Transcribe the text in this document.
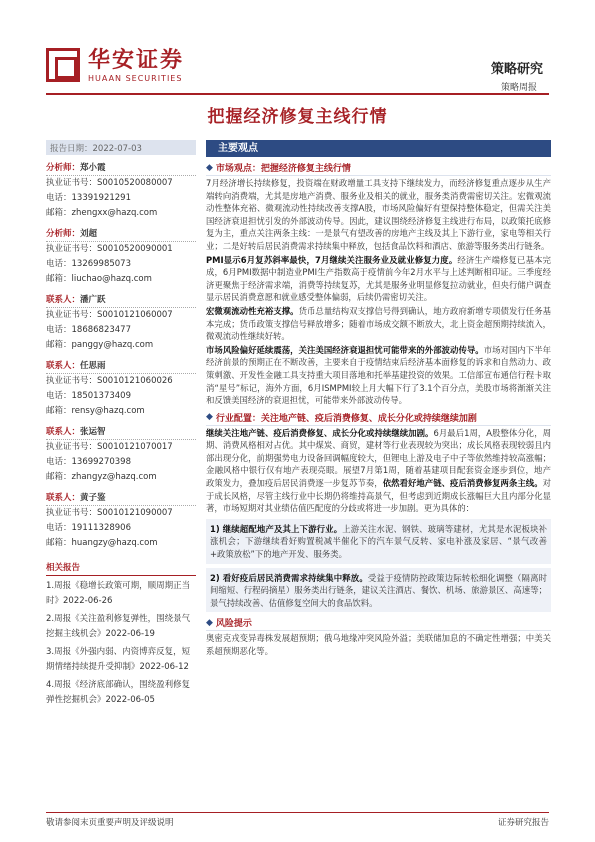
华安证券
HUAAN SECURITIES
策略研究
策略周报
把握经济修复主线行情
报告日期：2022-07-03
分析师：郑小霞
执业证书号：S0010520080007
电话：13391921291
邮箱：zhengxx@hazq.com
分析师：刘超
执业证书号：S0010520090001
电话：13269985073
邮箱：liuchao@hazq.com
联系人：潘广跃
执业证书号：S0010121060007
电话：18686823477
邮箱：panggy@hazq.com
联系人：任思雨
执业证书号：S0010121060026
电话：18501373409
邮箱：rensy@hazq.com
联系人：张运智
执业证书号：S0010121070017
电话：13699270398
邮箱：zhangyz@hazq.com
联系人：黄子鉴
执业证书号：S0010121090007
电话：19111328906
邮箱：huangzy@hazq.com
相关报告
1.周报《稳增长政策可期，顺周期正当时》2022-06-26
2.周报《关注盈利修复弹性，围绕景气挖掘主线机会》2022-06-19
3.周报《外强内弱、内资博弈反复，短期情绪持续提升受抑制》2022-06-12
4.周报《经济底部确认，围绕盈利修复弹性挖掘机会》2022-06-05
主要观点
◆ 市场观点：把握经济修复主线行情

7月经济增长持续修复，投资端在财政增量工具支持下继续发力，而经济修复重点逐步从生产端转向消费端，尤其是房地产消费、服务业及相关的就业，服务类消费需密切关注。宏微观流动性整体充裕、微观流动性持续改善支撑A股，市场风险偏好有望保持整体稳定，但需关注美国经济衰退担忧引发的外部波动传导。因此，建议围绕经济修复主线进行布局，以政策托底修复为主，重点关注两条主线：一是景气有望改善的房地产主线及其上下游行业，家电等相关行业；二是好转后居民消费需求持续集中释放，包括食品饮料和酒店、旅游等服务类出行链条。

PMI显示6月复苏斜率最快，7月继续关注服务业及就业修复力度。经济生产端修复已基本完成，6月PMI数据中制造业PMI生产指数高于疫情前今年2月水平与上述判断相印证。三季度经济更聚焦于经济需求端，消费等持续复苏，尤其是服务业明显修复拉动就业，但央行储户调查显示居民消费意愿和就业感受整体偏弱，后续仍需密切关注。

宏微观流动性充裕支撑。货币总量结构双支撑信号得到确认，地方政府新增专项债发行任务基本完成；货币政策支撑信号释放增多；随着市场成交额不断放大，北上资金超预期持续流入，微观流动性继续好转。

市场风险偏好延续震荡，关注美国经济衰退担忧可能带来的外部波动传导。市场对国内下半年经济前景的预期正在不断改善，主要来自于疫情结束后经济基本面修复的诉求和自然动力、政策刺激、开发性金融工具支持重大项目落地和托举基建投资的效果。工信部宣布通信行程卡取消“星号”标记，海外方面，6月ISMPMI较上月大幅下行了3.1个百分点，美股市场将渐渐关注和反馈美国经济的衰退担忧，可能带来外部波动传导。

◆ 行业配置：关注地产链、疫后消费修复、成长分化或持续继续加剧

继续关注地产链、疫后消费修复、成长分化或持续继续加剧。6月最后1周，A股整体分化，周期、消费风格相对占优。其中煤炭、商贸，建材等行业表现较为突出；成长风格表现较弱且内部出现分化，前期强势电力设备回调幅度较大，但锂电上游及电子中子等依然维持较高涨幅；金融风格中银行仅有地产表现亮眼。展望7月第1周，随着基建项目配套资金逐步到位，地产政策发力，叠加疫后居民消费逐一步复苏节奏，依然看好地产链、疫后消费修复两条主线。对于成长风格，尽管主线行业中长期仍将维持高景气，但考虑到近期成长涨幅巨大且内部分化显著，市场短期对其业绩估值匹配度的分歧或将进一步加剧。更为具体的：

1) 继续超配地产及其上下游行业。上游关注水泥、钢铁、玻璃等建材，尤其是水泥板块补涨机会；下游继续看好购置税减半催化下的汽车景气反转、家电补涨及家居、“景气改善+政策放松”下的地产开发、服务类。

2) 看好疫后居民消费需求持续集中释放。受益于疫情防控政策边际转松细化调整（隔离时间缩短、行程码摘星）服务类出行链条，建议关注酒店、餐饮、机场、旅游景区、高速等；景气持续改善、估值修复空间大的食品饮料。

◆ 风险提示

奥密克戎变异毒株发展超预期；俄乌地缘冲突风险外溢；美联储加息的不确定性增强；中美关系超预期恶化等。

敬请参阅末页重要声明及评级说明	证券研究报告
